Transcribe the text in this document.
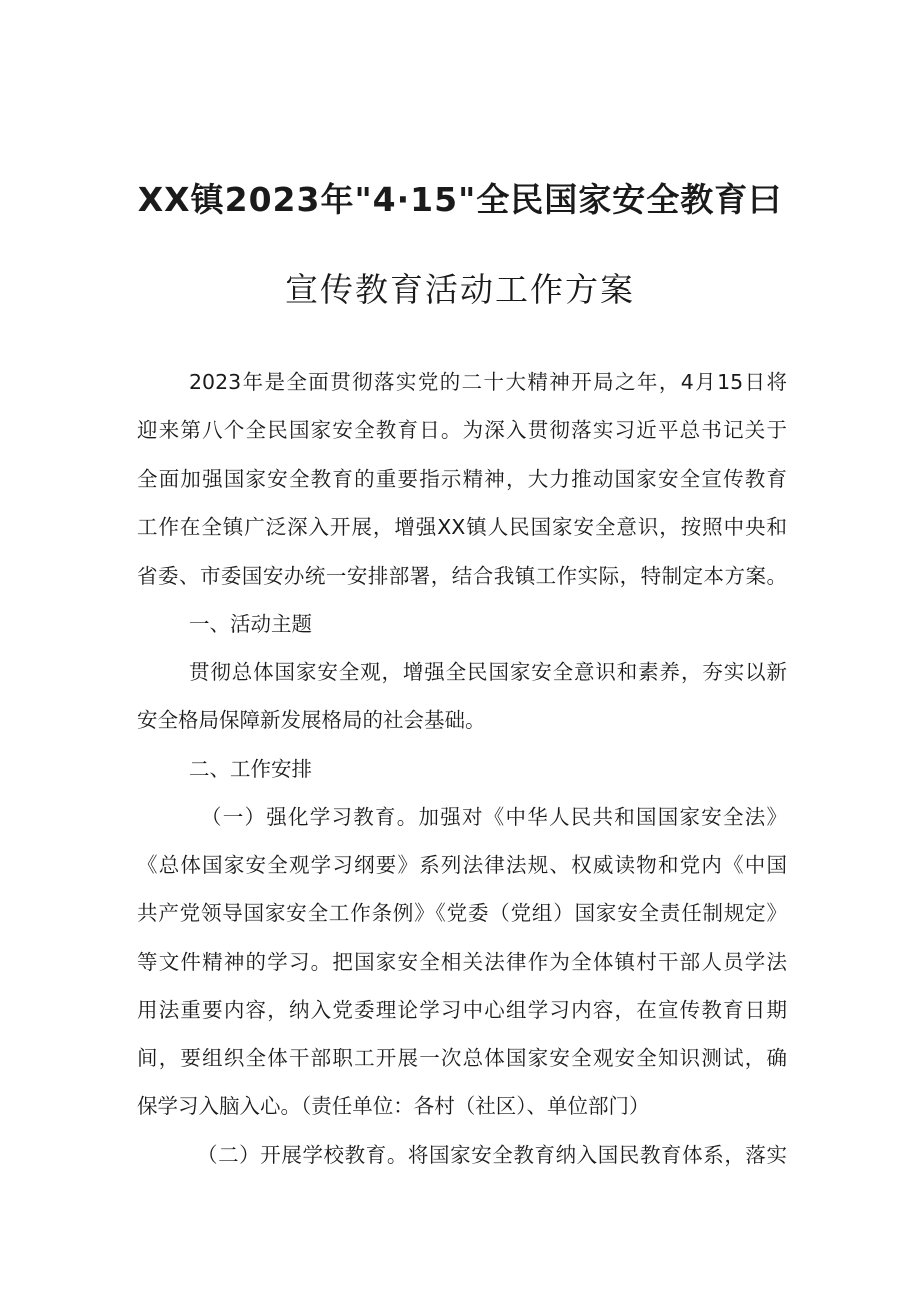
XX镇2023年"4·15"全民国家安全教育曰
宣传教育活动工作方案

2023年是全面贯彻落实党的二十大精神开局之年，4月15日将

迎来第八个全民国家安全教育日。为深入贯彻落实习近平总书记关于

全面加强国家安全教育的重要指示精神，大力推动国家安全宣传教育

工作在全镇广泛深入开展，增强XX镇人民国家安全意识，按照中央和

省委、市委国安办统一安排部署，结合我镇工作实际，特制定本方案。

一、活动主题

贯彻总体国家安全观，增强全民国家安全意识和素养，夯实以新

安全格局保障新发展格局的社会基础。

二、工作安排

（一）强化学习教育。加强对《中华人民共和国国家安全法》

《总体国家安全观学习纲要》系列法律法规、权威读物和党内《中国

共产党领导国家安全工作条例》《党委（党组）国家安全责任制规定》

等文件精神的学习。把国家安全相关法律作为全体镇村干部人员学法

用法重要内容，纳入党委理论学习中心组学习内容，在宣传教育日期

间，要组织全体干部职工开展一次总体国家安全观安全知识测试，确

保学习入脑入心。（责任单位：各村（社区）、单位部门）

（二）开展学校教育。将国家安全教育纳入国民教育体系，落实
